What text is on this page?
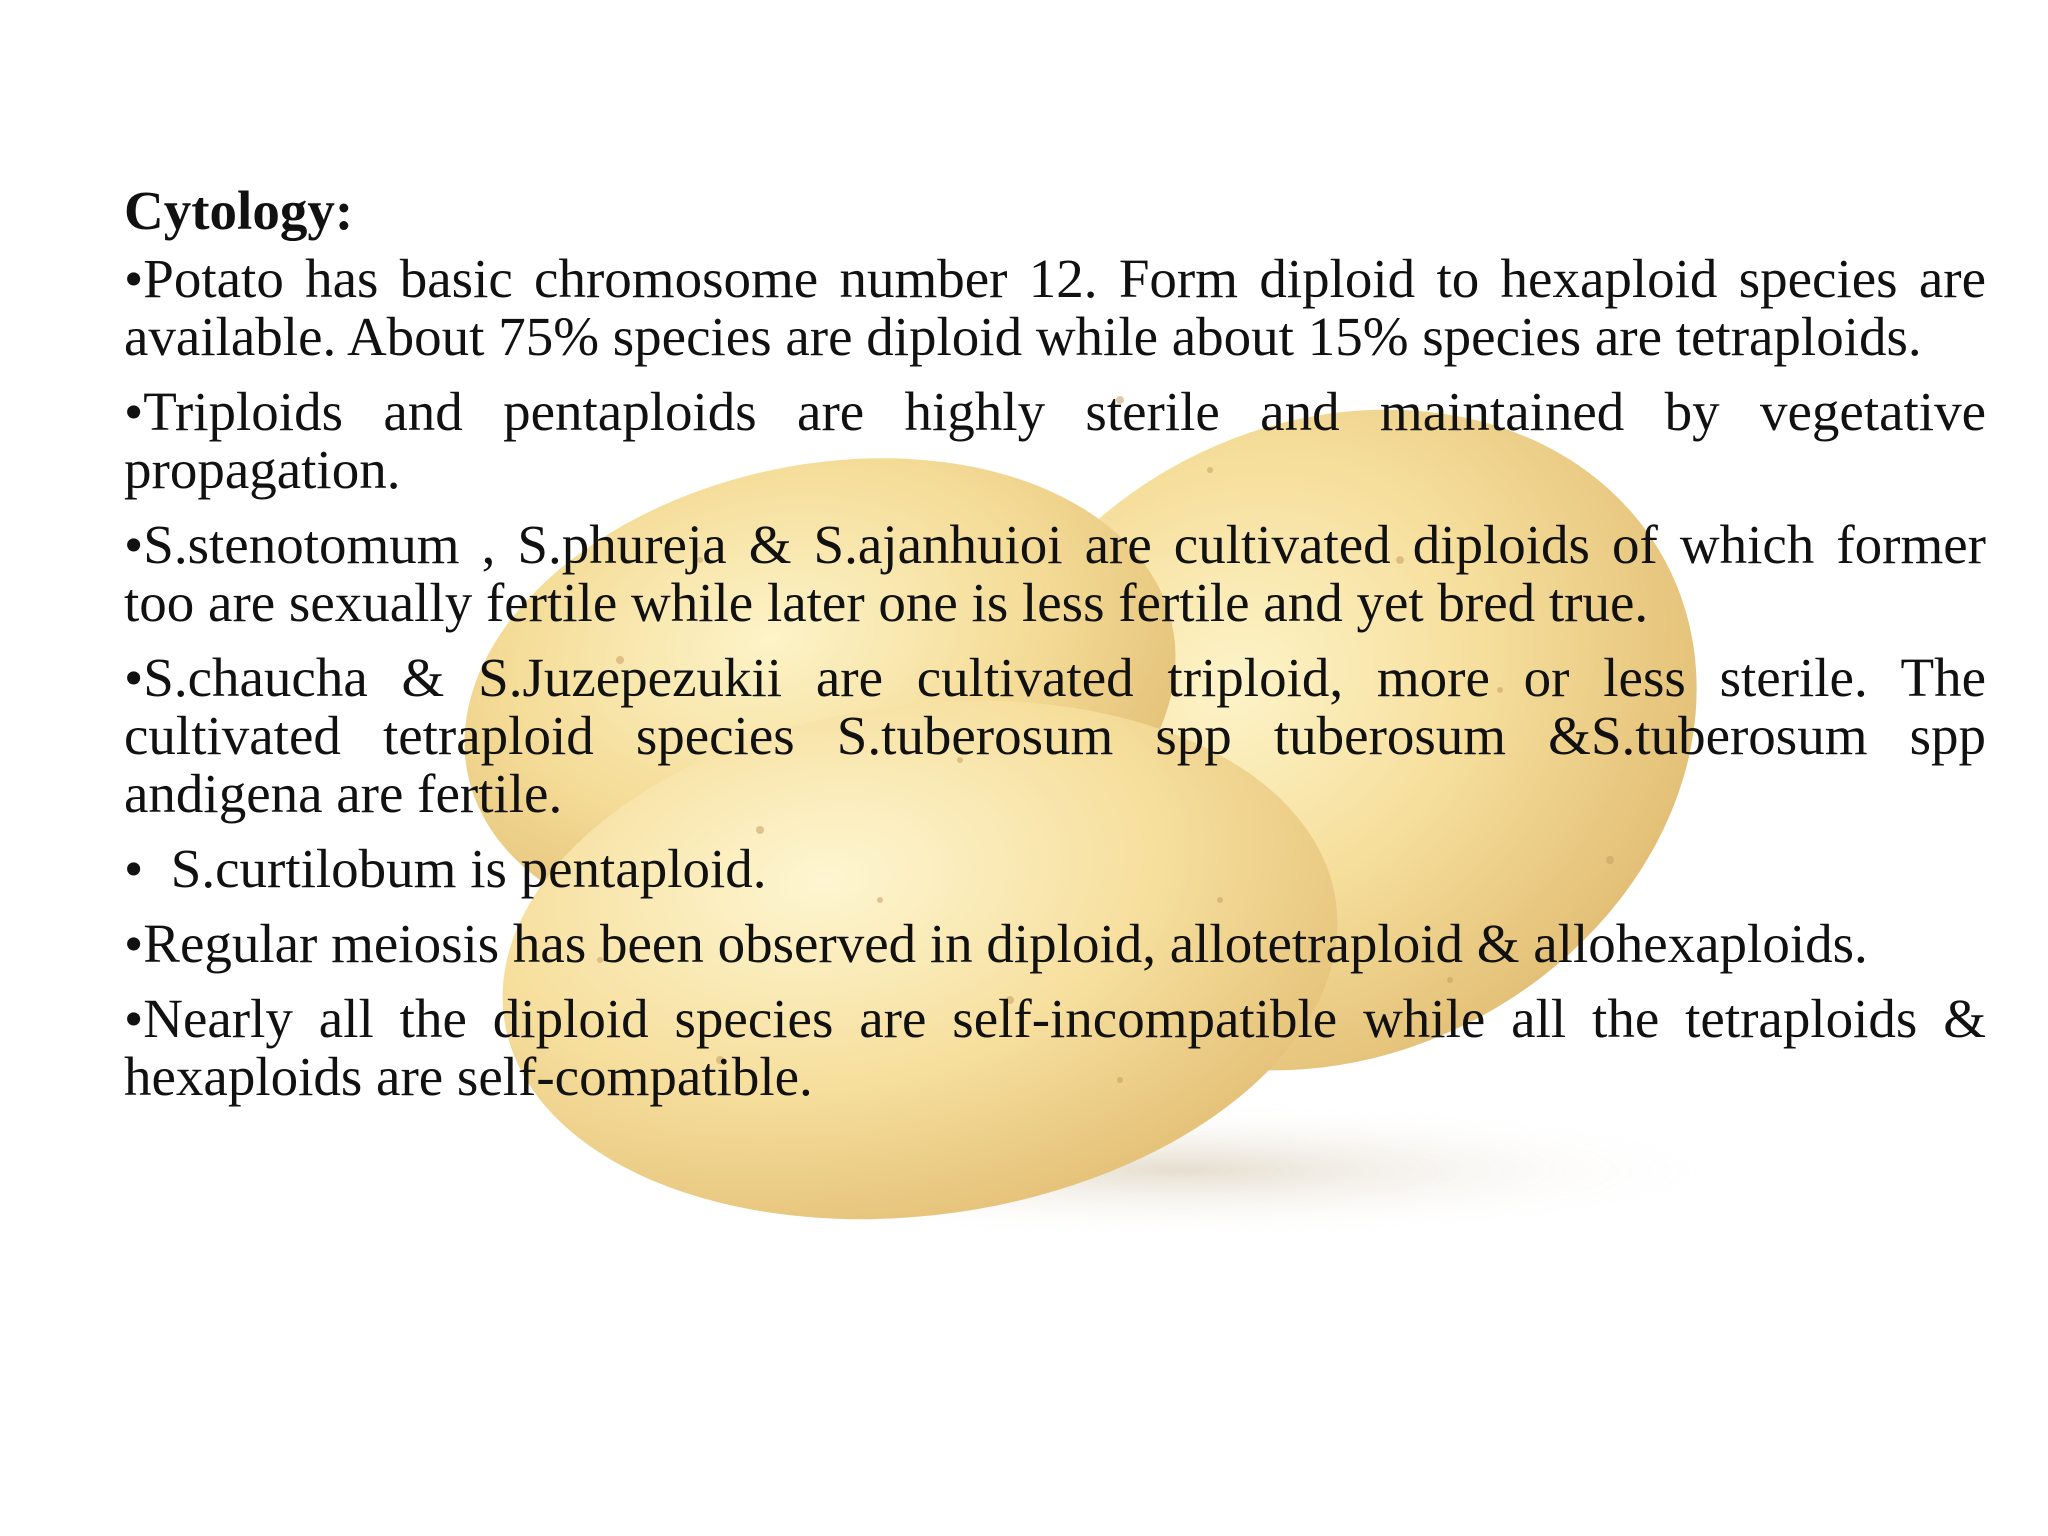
Cytology:
•Potato has basic chromosome number 12. Form diploid to hexaploid species are available. About 75% species are diploid while about 15% species are tetraploids.
•Triploids and pentaploids are highly sterile and maintained by vegetative propagation.
•S.stenotomum , S.phureja & S.ajanhuioi are cultivated diploids of which former too are sexually fertile while later one is less fertile and yet bred true.
•S.chaucha & S.Juzepezukii are cultivated triploid, more or less sterile. The cultivated tetraploid species S.tuberosum spp tuberosum &S.tuberosum spp andigena are fertile.
•  S.curtilobum is pentaploid.
•Regular meiosis has been observed in diploid, allotetraploid & allohexaploids.
•Nearly all the diploid species are self-incompatible while all the tetraploids & hexaploids are self-compatible.
